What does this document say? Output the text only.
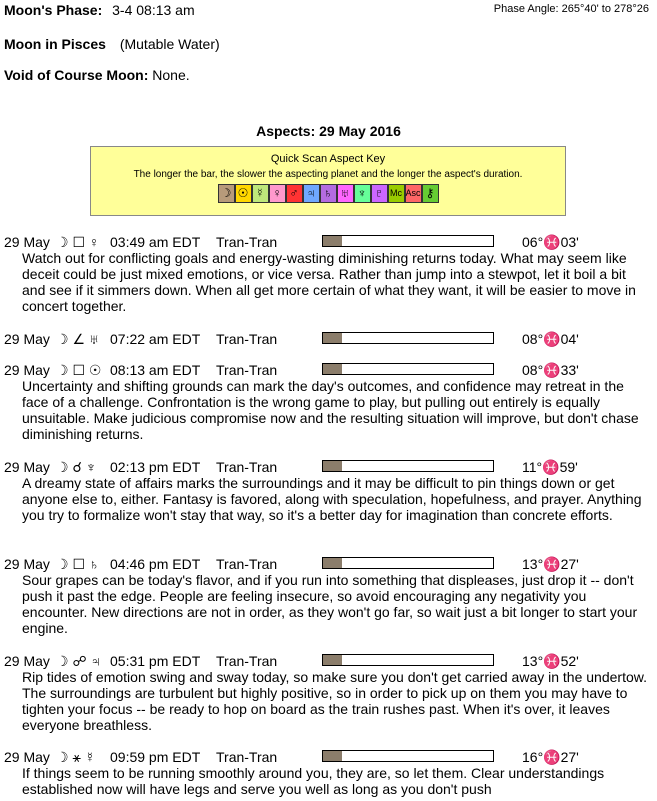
Moon's Phase: 3-4 08:13 am	Phase Angle: 265°40' to 278°26
Moon in Pisces (Mutable Water)
Void of Course Moon: None.
Aspects: 29 May 2016
Quick Scan Aspect Key
The longer the bar, the slower the aspecting planet and the longer the aspect's duration.
☽ ☉ ☿ ♀ ♂ ♃ ♄ ♅ ♆ ♇ Mc Asc ⚷
29 May ☽ ☐ ♀ 03:49 am EDT Tran-Tran	06°♓03'
Watch out for conflicting goals and energy-wasting diminishing returns today. What may seem like deceit could be just mixed emotions, or vice versa. Rather than jump into a stewpot, let it boil a bit and see if it simmers down. When all get more certain of what they want, it will be easier to move in concert together.
29 May ☽ ∠ ♅ 07:22 am EDT Tran-Tran	08°♓04'
29 May ☽ ☐ ☉ 08:13 am EDT Tran-Tran	08°♓33'
Uncertainty and shifting grounds can mark the day's outcomes, and confidence may retreat in the face of a challenge. Confrontation is the wrong game to play, but pulling out entirely is equally unsuitable. Make judicious compromise now and the resulting situation will improve, but don't chase diminishing returns.
29 May ☽ ☌ ♆ 02:13 pm EDT Tran-Tran	11°♓59'
A dreamy state of affairs marks the surroundings and it may be difficult to pin things down or get anyone else to, either. Fantasy is favored, along with speculation, hopefulness, and prayer. Anything you try to formalize won't stay that way, so it's a better day for imagination than concrete efforts.
29 May ☽ ☐ ♄ 04:46 pm EDT Tran-Tran	13°♓27'
Sour grapes can be today's flavor, and if you run into something that displeases, just drop it -- don't push it past the edge. People are feeling insecure, so avoid encouraging any negativity you encounter. New directions are not in order, as they won't go far, so wait just a bit longer to start your engine.
29 May ☽ ☍ ♃ 05:31 pm EDT Tran-Tran	13°♓52'
Rip tides of emotion swing and sway today, so make sure you don't get carried away in the undertow. The surroundings are turbulent but highly positive, so in order to pick up on them you may have to tighten your focus -- be ready to hop on board as the train rushes past. When it's over, it leaves everyone breathless.
29 May ☽ ⚹ ☿ 09:59 pm EDT Tran-Tran	16°♓27'
If things seem to be running smoothly around you, they are, so let them. Clear understandings established now will have legs and serve you well as long as you don't push
